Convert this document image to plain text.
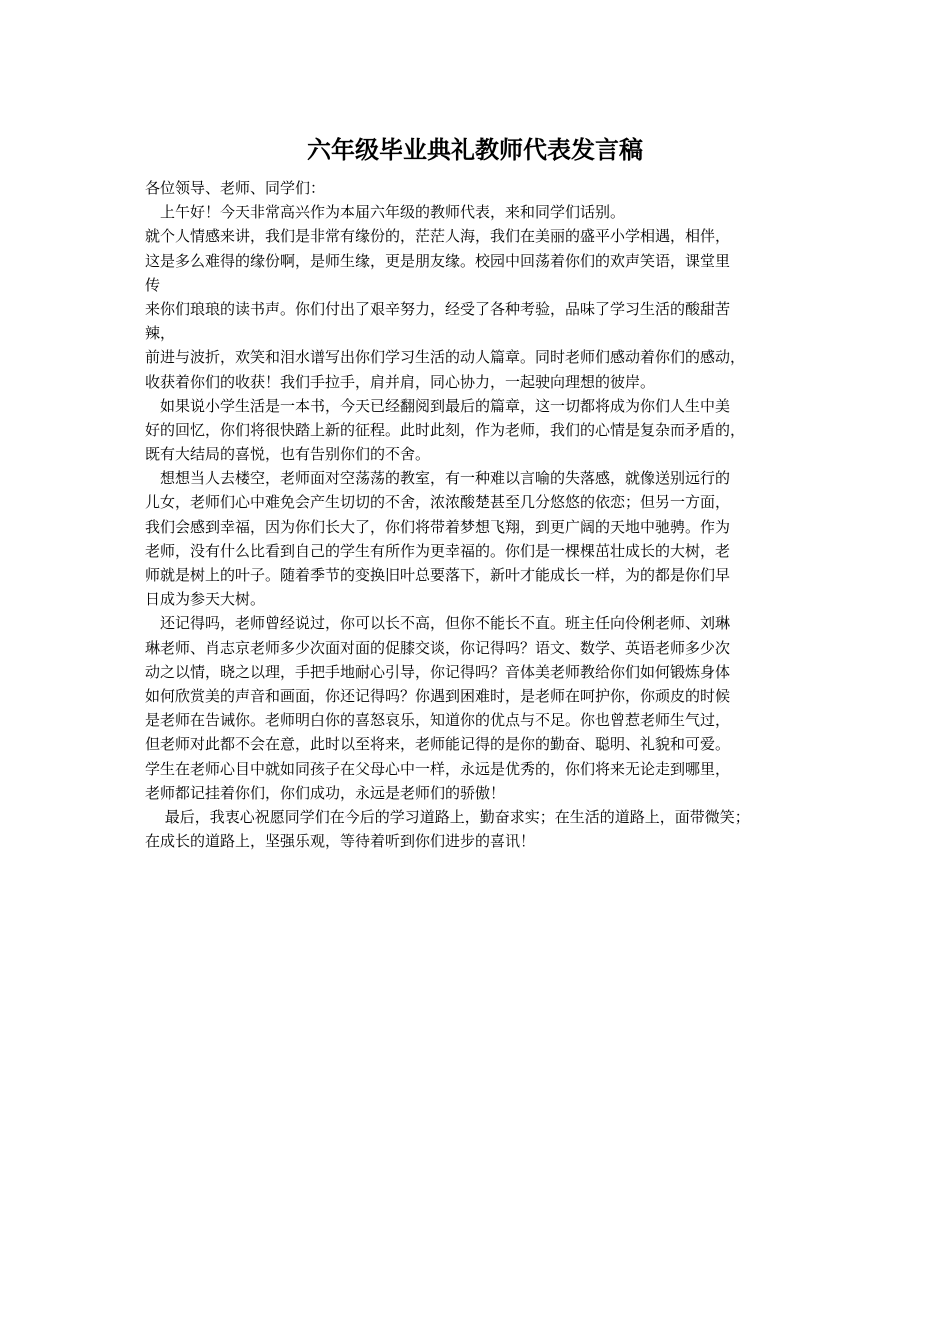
六年级毕业典礼教师代表发言稿
各位领导、老师、同学们：
　上午好！今天非常高兴作为本届六年级的教师代表，来和同学们话别。
就个人情感来讲，我们是非常有缘份的，茫茫人海，我们在美丽的盛平小学相遇，相伴，
这是多么难得的缘份啊，是师生缘，更是朋友缘。校园中回荡着你们的欢声笑语，课堂里
传
来你们琅琅的读书声。你们付出了艰辛努力，经受了各种考验，品味了学习生活的酸甜苦
辣，
前进与波折，欢笑和泪水谱写出你们学习生活的动人篇章。同时老师们感动着你们的感动，
收获着你们的收获！我们手拉手，肩并肩，同心协力，一起驶向理想的彼岸。
　如果说小学生活是一本书，今天已经翻阅到最后的篇章，这一切都将成为你们人生中美
好的回忆，你们将很快踏上新的征程。此时此刻，作为老师，我们的心情是复杂而矛盾的，
既有大结局的喜悦，也有告别你们的不舍。
　想想当人去楼空，老师面对空荡荡的教室，有一种难以言喻的失落感，就像送别远行的
儿女，老师们心中难免会产生切切的不舍，浓浓酸楚甚至几分悠悠的依恋；但另一方面，
我们会感到幸福，因为你们长大了，你们将带着梦想飞翔，到更广阔的天地中驰骋。作为
老师，没有什么比看到自己的学生有所作为更幸福的。你们是一棵棵茁壮成长的大树，老
师就是树上的叶子。随着季节的变换旧叶总要落下，新叶才能成长一样，为的都是你们早
日成为参天大树。
　还记得吗，老师曾经说过，你可以长不高，但你不能长不直。班主任向伶俐老师、刘琳
琳老师、肖志京老师多少次面对面的促膝交谈，你记得吗？语文、数学、英语老师多少次
动之以情，晓之以理，手把手地耐心引导，你记得吗？音体美老师教给你们如何锻炼身体
如何欣赏美的声音和画面，你还记得吗？你遇到困难时，是老师在呵护你，你顽皮的时候
是老师在告诫你。老师明白你的喜怒哀乐，知道你的优点与不足。你也曾惹老师生气过，
但老师对此都不会在意，此时以至将来，老师能记得的是你的勤奋、聪明、礼貌和可爱。
学生在老师心目中就如同孩子在父母心中一样，永远是优秀的，你们将来无论走到哪里，
老师都记挂着你们，你们成功，永远是老师们的骄傲！
　 最后，我衷心祝愿同学们在今后的学习道路上，勤奋求实；在生活的道路上，面带微笑；
在成长的道路上，坚强乐观，等待着听到你们进步的喜讯！
